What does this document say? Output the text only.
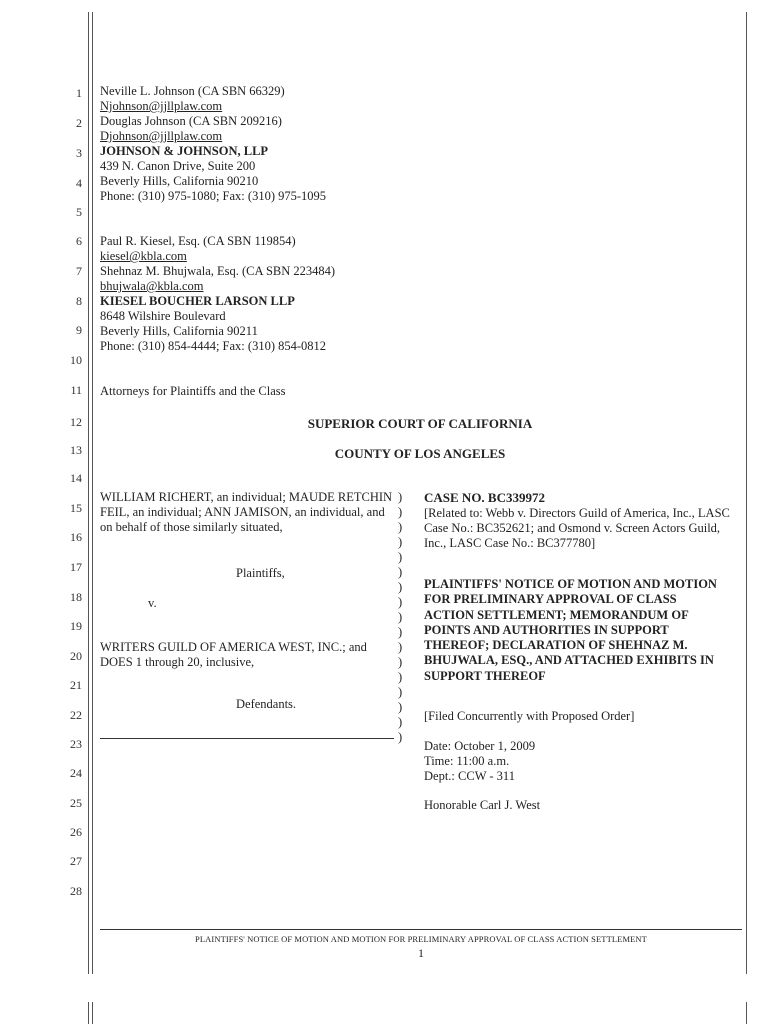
1
2
3
4
5
6
7
8
9
10
11
12
13
14
15
16
17
18
19
20
21
22
23
24
25
26
27
28
Neville L. Johnson (CA SBN 66329)
Njohnson@jjllplaw.com
Douglas Johnson (CA SBN 209216)
Djohnson@jjllplaw.com
JOHNSON & JOHNSON, LLP
439 N. Canon Drive, Suite 200
Beverly Hills, California 90210
Phone: (310) 975-1080; Fax: (310) 975-1095
Paul R. Kiesel, Esq. (CA SBN 119854)
kiesel@kbla.com
Shehnaz M. Bhujwala, Esq. (CA SBN 223484)
bhujwala@kbla.com
KIESEL BOUCHER LARSON LLP
8648 Wilshire Boulevard
Beverly Hills, California 90211
Phone: (310) 854-4444; Fax: (310) 854-0812
Attorneys for Plaintiffs and the Class
SUPERIOR COURT OF CALIFORNIA
COUNTY OF LOS ANGELES
WILLIAM RICHERT, an individual; MAUDE RETCHIN FEIL, an individual; ANN JAMISON, an individual, and on behalf of those similarly situated,
Plaintiffs,
v.
WRITERS GUILD OF AMERICA WEST, INC.; and DOES 1 through 20, inclusive,
Defendants.
)
)
)
)
)
)
)
)
)
)
)
)
)
)
)
)
)
CASE NO. BC339972
[Related to: Webb v. Directors Guild of America, Inc., LASC Case No.: BC352621; and Osmond v. Screen Actors Guild, Inc., LASC Case No.: BC377780]
PLAINTIFFS' NOTICE OF MOTION AND MOTION FOR PRELIMINARY APPROVAL OF CLASS ACTION SETTLEMENT; MEMORANDUM OF POINTS AND AUTHORITIES IN SUPPORT THEREOF; DECLARATION OF SHEHNAZ M. BHUJWALA, ESQ., AND ATTACHED EXHIBITS IN SUPPORT THEREOF
[Filed Concurrently with Proposed Order]
Date: October 1, 2009
Time: 11:00 a.m.
Dept.: CCW - 311
Honorable Carl J. West
PLAINTIFFS' NOTICE OF MOTION AND MOTION FOR PRELIMINARY APPROVAL OF CLASS ACTION SETTLEMENT
1
